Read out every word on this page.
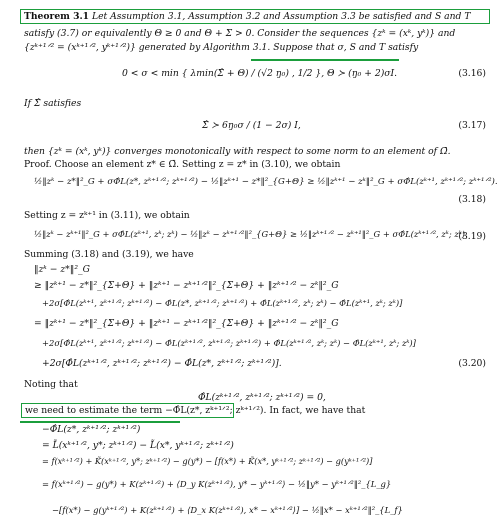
Theorem 3.1 Let Assumption 3.1, Assumption 3.2 and Assumption 3.3 be satisfied and S and T
satisfy (3.7) or equivalently Θ ≥ 0 and Θ + Σ > 0. Consider the sequences {zᵏ = (xᵏ, yᵏ)} and
{zᵏ⁺¹ᐟ² = (xᵏ⁺¹ᐟ², yᵏ⁺¹ᐟ²)} generated by Algorithm 3.1. Suppose that σ, S and T satisfy
0 < σ < min { λmin(Σ̂ + Θ) / (√2 ŋ₀) , 1/2 }, Θ ≻ (ŋ₀ + 2)σI.	(3.16)
If Σ̂ satisfies
Σ̂ ≻ 6ŋ₀σ / (1 − 2σ) I,	(3.17)
then {zᵏ = (xᵏ, yᵏ)} converges monotonically with respect to some norm to an element of Ω̄.
Proof. Choose an element z* ∈ Ω̄. Setting z = z* in (3.10), we obtain
½‖zᵏ − z*‖²_G + σΦ̂L(z*, zᵏ⁺¹ᐟ²; zᵏ⁺¹ᐟ²) − ½‖zᵏ⁺¹ − z*‖²_{G+Θ} ≥ ½‖zᵏ⁺¹ − zᵏ‖²_G + σΦ̂L(zᵏ⁺¹, zᵏ⁺¹ᐟ²; zᵏ⁺¹ᐟ²).
(3.18)
Setting z = zᵏ⁺¹ in (3.11), we obtain
½‖zᵏ − zᵏ⁺¹‖²_G + σΦ̂L(zᵏ⁺¹, zᵏ; zᵏ) − ½‖zᵏ − zᵏ⁺¹ᐟ²‖²_{G+Θ} ≥ ½‖zᵏ⁺¹ᐟ² − zᵏ⁺¹‖²_G + σΦ̂L(zᵏ⁺¹ᐟ², zᵏ; zᵏ).
(3.19)
Summing (3.18) and (3.19), we have
‖zᵏ − z*‖²_G
≥ ‖zᵏ⁺¹ − z*‖²_{Σ+Θ} + ‖zᵏ⁺¹ − zᵏ⁺¹ᐟ²‖²_{Σ+Θ} + ‖zᵏ⁺¹ᐟ² − zᵏ‖²_G
+2σ[Φ̂L(zᵏ⁺¹, zᵏ⁺¹ᐟ²; zᵏ⁺¹ᐟ²) − Φ̂L(z*, zᵏ⁺¹ᐟ²; zᵏ⁺¹ᐟ²) + Φ̂L(zᵏ⁺¹ᐟ², zᵏ; zᵏ) − Φ̂L(zᵏ⁺¹, zᵏ; zᵏ)]
= ‖zᵏ⁺¹ − z*‖²_{Σ+Θ} + ‖zᵏ⁺¹ − zᵏ⁺¹ᐟ²‖²_{Σ+Θ} + ‖zᵏ⁺¹ᐟ² − zᵏ‖²_G
+2σ[Φ̂L(zᵏ⁺¹, zᵏ⁺¹ᐟ²; zᵏ⁺¹ᐟ²) − Φ̂L(zᵏ⁺¹ᐟ², zᵏ⁺¹ᐟ²; zᵏ⁺¹ᐟ²) + Φ̂L(zᵏ⁺¹ᐟ², zᵏ; zᵏ) − Φ̂L(zᵏ⁺¹, zᵏ; zᵏ)]
+2σ[Φ̂L(zᵏ⁺¹ᐟ², zᵏ⁺¹ᐟ²; zᵏ⁺¹ᐟ²) − Φ̂L(z*, zᵏ⁺¹ᐟ²; zᵏ⁺¹ᐟ²)].	(3.20)
Noting that
Φ̂L(zᵏ⁺¹ᐟ², zᵏ⁺¹ᐟ²; zᵏ⁺¹ᐟ²) = 0,
we need to estimate the term −Φ̂L(z*, zᵏ⁺¹ᐟ²; zᵏ⁺¹ᐟ²). In fact, we have that
−Φ̂L(z*, zᵏ⁺¹ᐟ²; zᵏ⁺¹ᐟ²)
= L̃(xᵏ⁺¹ᐟ², y*; zᵏ⁺¹ᐟ²) − L̃(x*, yᵏ⁺¹ᐟ²; zᵏ⁺¹ᐟ²)
= f(xᵏ⁺¹ᐟ²) + K̃(xᵏ⁺¹ᐟ², y*; zᵏ⁺¹ᐟ²) − g(y*) − [f(x*) + K̃(x*, yᵏ⁺¹ᐟ²; zᵏ⁺¹ᐟ²) − g(yᵏ⁺¹ᐟ²)]
= f(xᵏ⁺¹ᐟ²) − g(y*) + K(zᵏ⁺¹ᐟ²) + ⟨D_y K(zᵏ⁺¹ᐟ²), y* − yᵏ⁺¹ᐟ²⟩ − ½‖y* − yᵏ⁺¹ᐟ²‖²_{L_g}
−[f(x*) − g(yᵏ⁺¹ᐟ²) + K(zᵏ⁺¹ᐟ²) + ⟨D_x K(zᵏ⁺¹ᐟ²), x* − xᵏ⁺¹ᐟ²⟩] − ½‖x* − xᵏ⁺¹ᐟ²‖²_{L_f}
